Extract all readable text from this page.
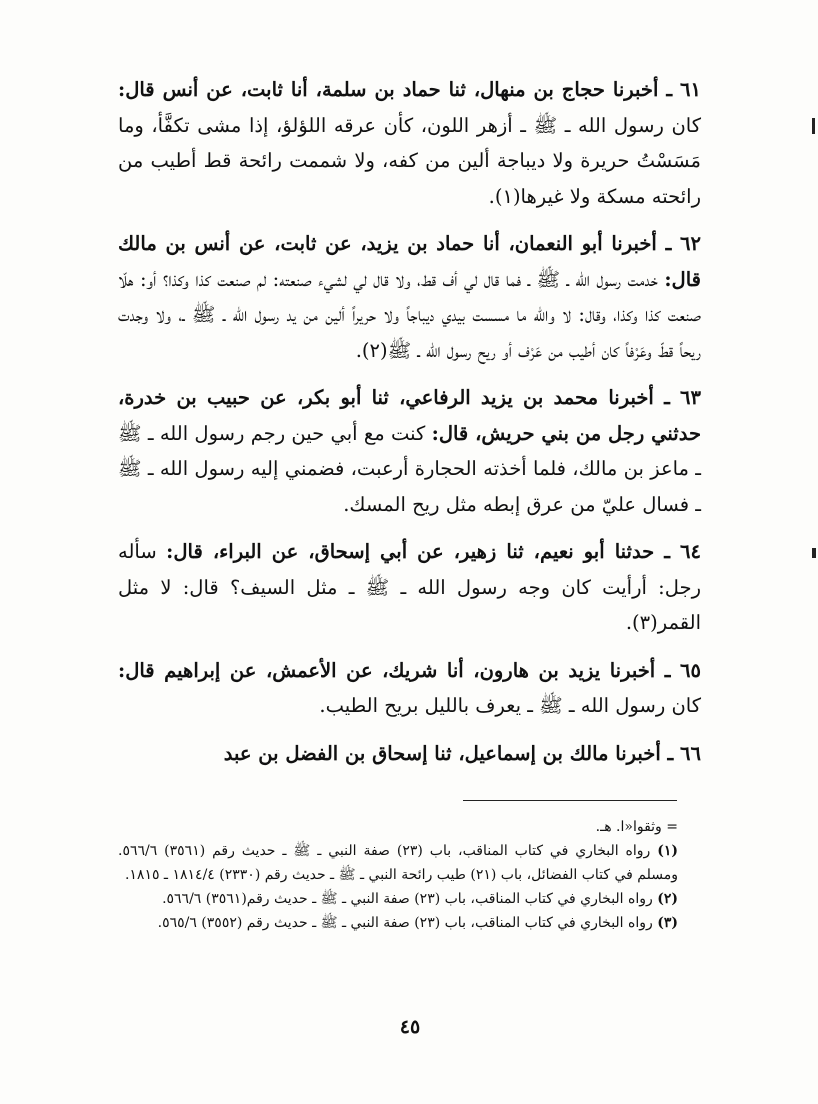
٦١ ـ أخبرنا حجاج بن منهال، ثنا حماد بن سلمة، أنا ثابت، عن أنس قال: كان رسول الله ـ ﷺ ـ أزهر اللون، كأن عرقه اللؤلؤ، إذا مشى تكفَّأ، وما مَسَسْتُ حريرة ولا ديباجة ألين من كفه، ولا شممت رائحة قط أطيب من رائحته مسكة ولا غيرها(١).

٦٢ ـ أخبرنا أبو النعمان، أنا حماد بن يزيد، عن ثابت، عن أنس بن مالك قال: خدمت رسول الله ـ ﷺ ـ فما قال لي أف قط، ولا قال لي لشيء صنعته: لم صنعت كذا وكذا؟ أو: هلّا صنعت كذا وكذا، وقال: لا والله ما مسست بيدي ديباجاً ولا حريراً ألين من يد رسول الله ـ ﷺ ـ، ولا وجدت ريحاً قطّ وعَرْفاً كان أطيب من عَرْف أو ريح رسول الله ـ ﷺ(٢).

٦٣ ـ أخبرنا محمد بن يزيد الرفاعي، ثنا أبو بكر، عن حبيب بن خدرة، حدثني رجل من بني حريش، قال: كنت مع أبي حين رجم رسول الله ـ ﷺ ـ ماعز بن مالك، فلما أخذته الحجارة أرعبت، فضمني إليه رسول الله ـ ﷺ ـ فسال عليّ من عرق إبطه مثل ريح المسك.

٦٤ ـ حدثنا أبو نعيم، ثنا زهير، عن أبي إسحاق، عن البراء، قال: سأله رجل: أرأيت كان وجه رسول الله ـ ﷺ ـ مثل السيف؟ قال: لا مثل القمر(٣).

٦٥ ـ أخبرنا يزيد بن هارون، أنا شريك، عن الأعمش، عن إبراهيم قال: كان رسول الله ـ ﷺ ـ يعرف بالليل بريح الطيب.

٦٦ ـ أخبرنا مالك بن إسماعيل، ثنا إسحاق بن الفضل بن عبد

= وثقوا«ا. هـ.

(١) رواه البخاري في كتاب المناقب، باب (٢٣) صفة النبي ـ ﷺ ـ حديث رقم (٣٥٦١) ٥٦٦/٦. ومسلم في كتاب الفضائل، باب (٢١) طيب رائحة النبي ـ ﷺ ـ حديث رقم (٢٣٣٠) ١٨١٤/٤ ـ ١٨١٥.

(٢) رواه البخاري في كتاب المناقب، باب (٢٣) صفة النبي ـ ﷺ ـ حديث رقم(٣٥٦١) ٥٦٦/٦.

(٣) رواه البخاري في كتاب المناقب، باب (٢٣) صفة النبي ـ ﷺ ـ حديث رقم (٣٥٥٢) ٥٦٥/٦.

٤٥
